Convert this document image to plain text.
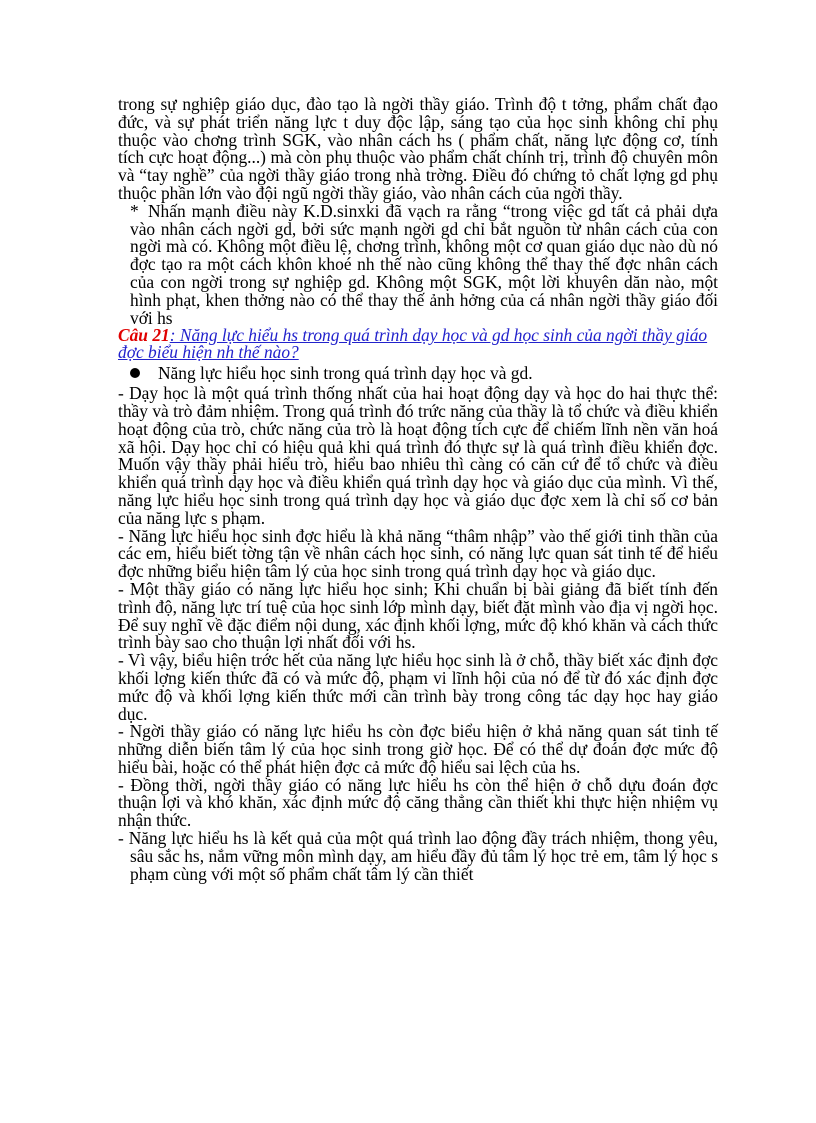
trong sự nghiệp giáo dục, đào tạo là ngời thầy giáo. Trình độ t tởng, phẩm chất đạo đức, và sự phát triển năng lực t duy độc lập, sáng tạo của học sinh không chỉ phụ thuộc vào chơng trình SGK, vào nhân cách hs ( phẩm chất, năng lực động cơ, tính tích cực hoạt động...) mà còn phụ thuộc vào phẩm chất chính trị, trình độ chuyên môn và “tay nghề” của ngời thầy giáo trong nhà trờng. Điều đó chứng tỏ chất lợng gd phụ thuộc phần lớn vào đội ngũ ngời thầy giáo, vào nhân cách của ngời thầy.

* Nhấn mạnh điều này K.D.sinxki đã vạch ra rằng “trong việc gd tất cả phải dựa vào nhân cách ngời gd, bởi sức mạnh ngời gd chỉ bắt nguồn từ nhân cách của con ngời mà có. Không một điều lệ, chơng trình, không một cơ quan giáo dục nào dù nó đợc tạo ra một cách khôn khoé nh thế nào cũng không thể thay thế đợc nhân cách của con ngời trong sự nghiệp gd. Không một SGK, một lời khuyên dăn nào, một hình phạt, khen thởng nào có thể thay thế ảnh hởng của cá nhân ngời thầy giáo đối với hs

Câu 21: Năng lực hiểu hs trong quá trình dạy học và gd học sinh của ngời thầy giáo đợc biểu hiện nh thế nào?

Năng lực hiểu học sinh trong quá trình dạy học và gd.

- Dạy học là một quá trình thống nhất của hai hoạt động dạy và học do hai thực thể: thầy và trò đảm nhiệm. Trong quá trình đó trức năng của thầy là tổ chức và điều khiển hoạt động của trò, chức năng của trò là hoạt động tích cực để chiếm lĩnh nền văn hoá xã hội. Dạy học chỉ có hiệu quả khi quá trình đó thực sự là quá trình điều khiển đợc. Muốn vậy thầy phải hiểu trò, hiểu bao nhiêu thì càng có căn cứ để tổ chức và điều khiển quá trình dạy học và điều khiển quá trình dạy học và giáo dục của mình. Vì thế, năng lực hiểu học sinh trong quá trình dạy học và giáo dục đợc xem là chỉ số cơ bản của năng lực s phạm.

- Năng lực hiểu học sinh đợc hiểu là khả năng “thâm nhập” vào thế giới tinh thần của các em, hiểu biết tờng tận về nhân cách học sinh, có năng lực quan sát tinh tế để hiểu đợc những biểu hiện tâm lý của học sinh trong quá trình dạy học và giáo dục.

- Một thầy giáo có năng lực hiểu học sinh; Khi chuẩn bị bài giảng đã biết tính đến trình độ, năng lực trí tuệ của học sinh lớp mình dạy, biết đặt mình vào địa vị ngời học. Để suy nghĩ về đặc điểm nội dung, xác định khối lợng, mức độ khó khăn và cách thức trình bày sao cho thuận lợi nhất đối với hs.

- Vì vậy, biểu hiện trớc hết của năng lực hiểu học sinh là ở chỗ, thầy biết xác định đợc khối lợng kiến thức đã có và mức độ, phạm vi lĩnh hội của nó để từ đó xác định đợc mức độ và khối lợng kiến thức mới cần trình bày trong công tác dạy học hay giáo dục.

- Ngời thầy giáo có năng lực hiểu hs còn đợc biểu hiện ở khả năng quan sát tinh tế những diễn biến tâm lý của học sinh trong giờ học. Để có thể dự đoán đợc mức độ hiểu bài, hoặc có thể phát hiện đợc cả mức độ hiểu sai lệch của hs.

- Đồng thời, ngời thầy giáo có năng lực hiểu hs còn thể hiện ở chỗ dựu đoán đợc thuận lợi và khó khăn, xác định mức độ căng thẳng cần thiết khi thực hiện nhiệm vụ nhận thức.

- Năng lực hiểu hs là kết quả của một quá trình lao động đầy trách nhiệm, thong yêu, sâu sắc hs, nắm vững môn mình dạy, am hiểu đầy đủ tâm lý học trẻ em, tâm lý học s phạm cùng với một số phẩm chất tâm lý cần thiết
